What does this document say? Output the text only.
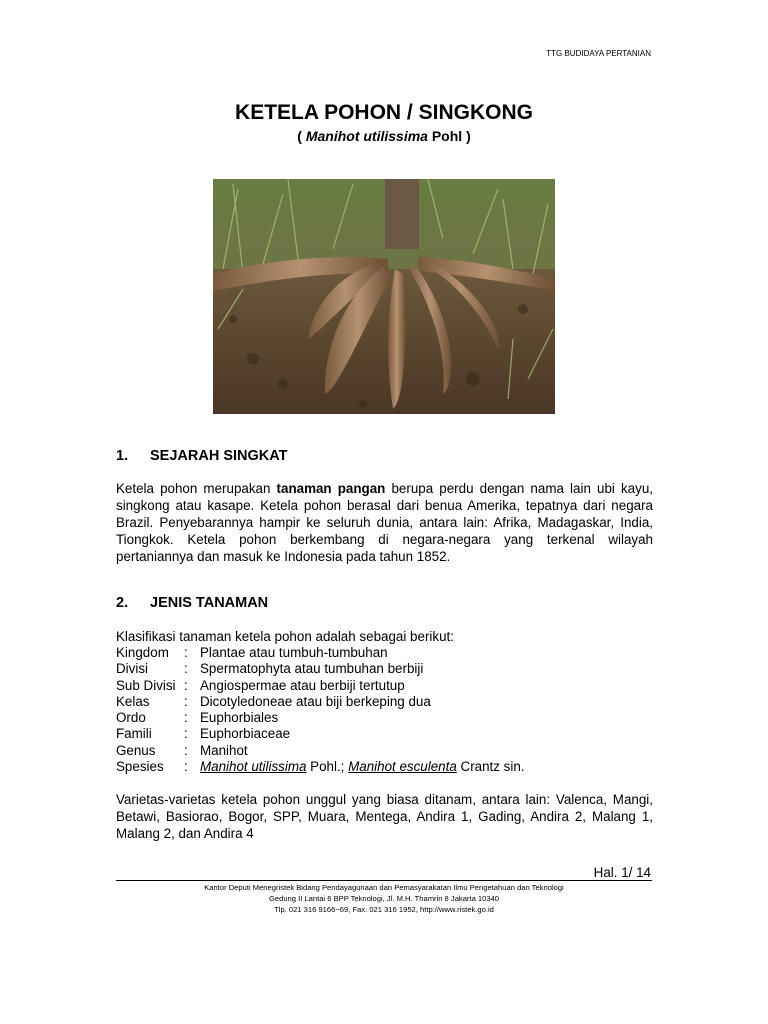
TTG BUDIDAYA PERTANIAN
KETELA POHON / SINGKONG
( Manihot utilissima Pohl )
1. SEJARAH SINGKAT
Ketela pohon merupakan tanaman pangan berupa perdu dengan nama lain ubi kayu, singkong atau kasape. Ketela pohon berasal dari benua Amerika, tepatnya dari negara Brazil. Penyebarannya hampir ke seluruh dunia, antara lain: Afrika, Madagaskar, India, Tiongkok. Ketela pohon berkembang di negara-negara yang terkenal wilayah pertaniannya dan masuk ke Indonesia pada tahun 1852.
2. JENIS TANAMAN
Klasifikasi tanaman ketela pohon adalah sebagai berikut:
Kingdom	:	Plantae atau tumbuh-tumbuhan
Divisi	:	Spermatophyta atau tumbuhan berbiji
Sub Divisi	:	Angiospermae atau berbiji tertutup
Kelas	:	Dicotyledoneae atau biji berkeping dua
Ordo	:	Euphorbiales
Famili	:	Euphorbiaceae
Genus	:	Manihot
Spesies	:	Manihot utilissima Pohl.; Manihot esculenta Crantz sin.
Varietas-varietas ketela pohon unggul yang biasa ditanam, antara lain: Valenca, Mangi, Betawi, Basiorao, Bogor, SPP, Muara, Mentega, Andira 1, Gading, Andira 2, Malang 1, Malang 2, dan Andira 4
Hal. 1/ 14
Kantor Deputi Menegristek Bidang Pendayagunaan dan Pemasyarakatan Ilmu Pengetahuan dan Teknologi
Gedung II Lantai 6 BPP Teknologi, Jl. M.H. Thamrin 8 Jakarta 10340
Tlp. 021 316 9166~69, Fax. 021 316 1952, http://www.ristek.go.id
